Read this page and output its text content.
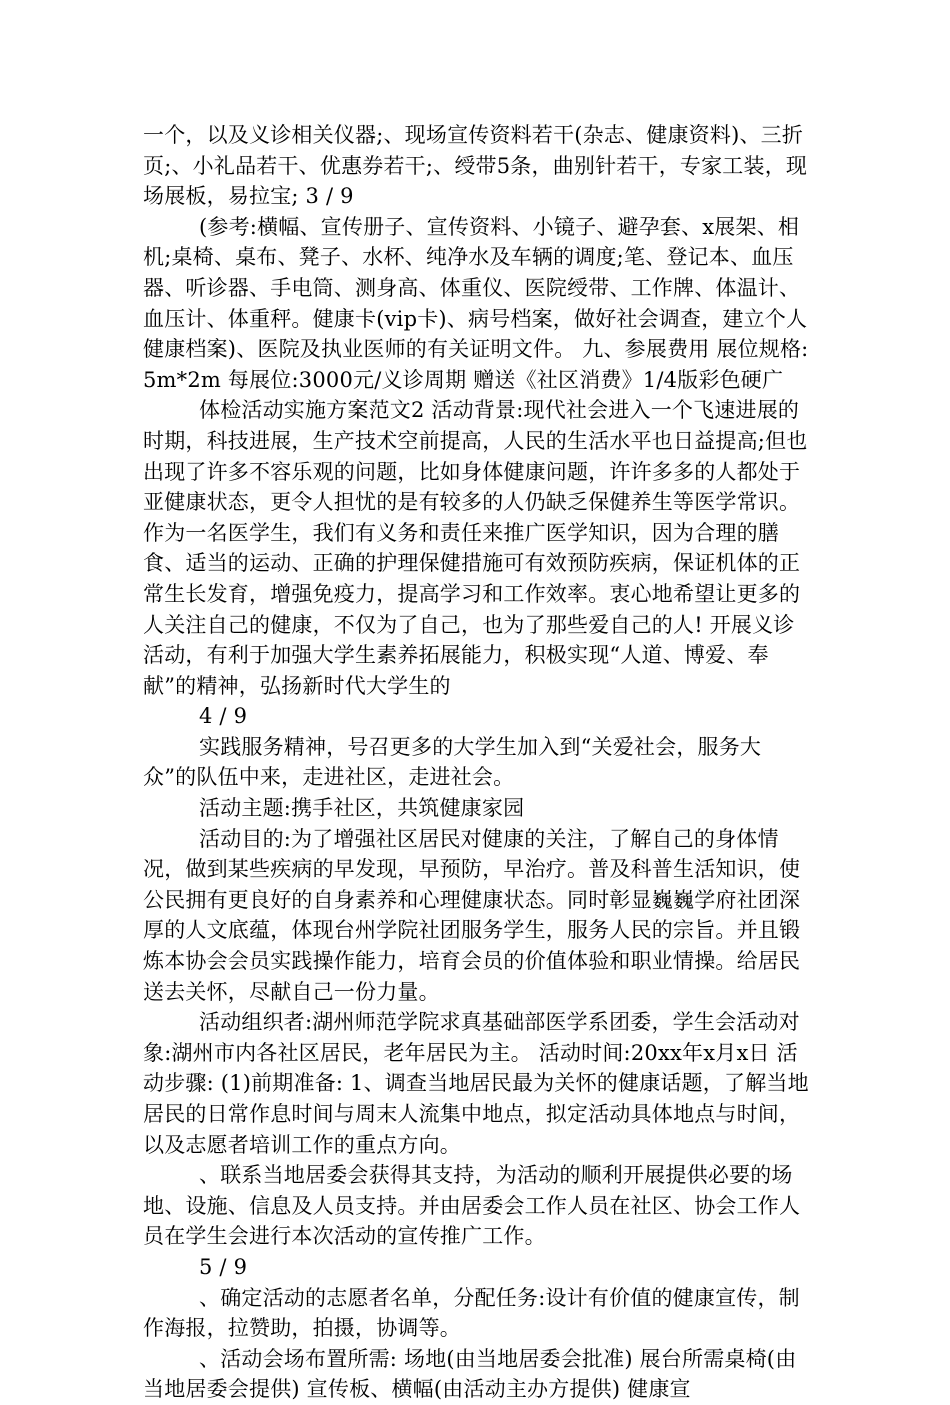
一个，以及义诊相关仪器;、现场宣传资料若干(杂志、健康资料)、三折页;、小礼品若干、优惠券若干;、绶带5条，曲别针若干，专家工装，现场展板，易拉宝; 3 / 9

(参考:横幅、宣传册子、宣传资料、小镜子、避孕套、x展架、相机;桌椅、桌布、凳子、水杯、纯净水及车辆的调度;笔、登记本、血压器、听诊器、手电筒、测身高、体重仪、医院绶带、工作牌、体温计、血压计、体重秤。健康卡(vip卡)、病号档案，做好社会调查，建立个人健康档案)、医院及执业医师的有关证明文件。 九、参展费用 展位规格:5m*2m 每展位:3000元/义诊周期 赠送《社区消费》1/4版彩色硬广

体检活动实施方案范文2 活动背景:现代社会进入一个飞速进展的时期，科技进展，生产技术空前提高，人民的生活水平也日益提高;但也出现了许多不容乐观的问题，比如身体健康问题，许许多多的人都处于亚健康状态，更令人担忧的是有较多的人仍缺乏保健养生等医学常识。作为一名医学生，我们有义务和责任来推广医学知识，因为合理的膳食、适当的运动、正确的护理保健措施可有效预防疾病，保证机体的正常生长发育，增强免疫力，提高学习和工作效率。衷心地希望让更多的人关注自己的健康，不仅为了自己，也为了那些爱自己的人! 开展义诊活动，有利于加强大学生素养拓展能力，积极实现“人道、博爱、奉献”的精神，弘扬新时代大学生的

4 / 9

实践服务精神，号召更多的大学生加入到“关爱社会，服务大众”的队伍中来，走进社区，走进社会。

活动主题:携手社区，共筑健康家园

活动目的:为了增强社区居民对健康的关注，了解自己的身体情况，做到某些疾病的早发现，早预防，早治疗。普及科普生活知识，使公民拥有更良好的自身素养和心理健康状态。同时彰显巍巍学府社团深厚的人文底蕴，体现台州学院社团服务学生，服务人民的宗旨。并且锻炼本协会会员实践操作能力，培育会员的价值体验和职业情操。给居民送去关怀，尽献自己一份力量。

活动组织者:湖州师范学院求真基础部医学系团委，学生会活动对象:湖州市内各社区居民，老年居民为主。 活动时间:20xx年x月x日 活动步骤: (1)前期准备: 1、调查当地居民最为关怀的健康话题，了解当地居民的日常作息时间与周末人流集中地点，拟定活动具体地点与时间，以及志愿者培训工作的重点方向。

、联系当地居委会获得其支持，为活动的顺利开展提供必要的场地、设施、信息及人员支持。并由居委会工作人员在社区、协会工作人员在学生会进行本次活动的宣传推广工作。

5 / 9

、确定活动的志愿者名单，分配任务:设计有价值的健康宣传，制作海报，拉赞助，拍摄，协调等。

、活动会场布置所需: 场地(由当地居委会批准) 展台所需桌椅(由当地居委会提供) 宣传板、横幅(由活动主办方提供) 健康宣
